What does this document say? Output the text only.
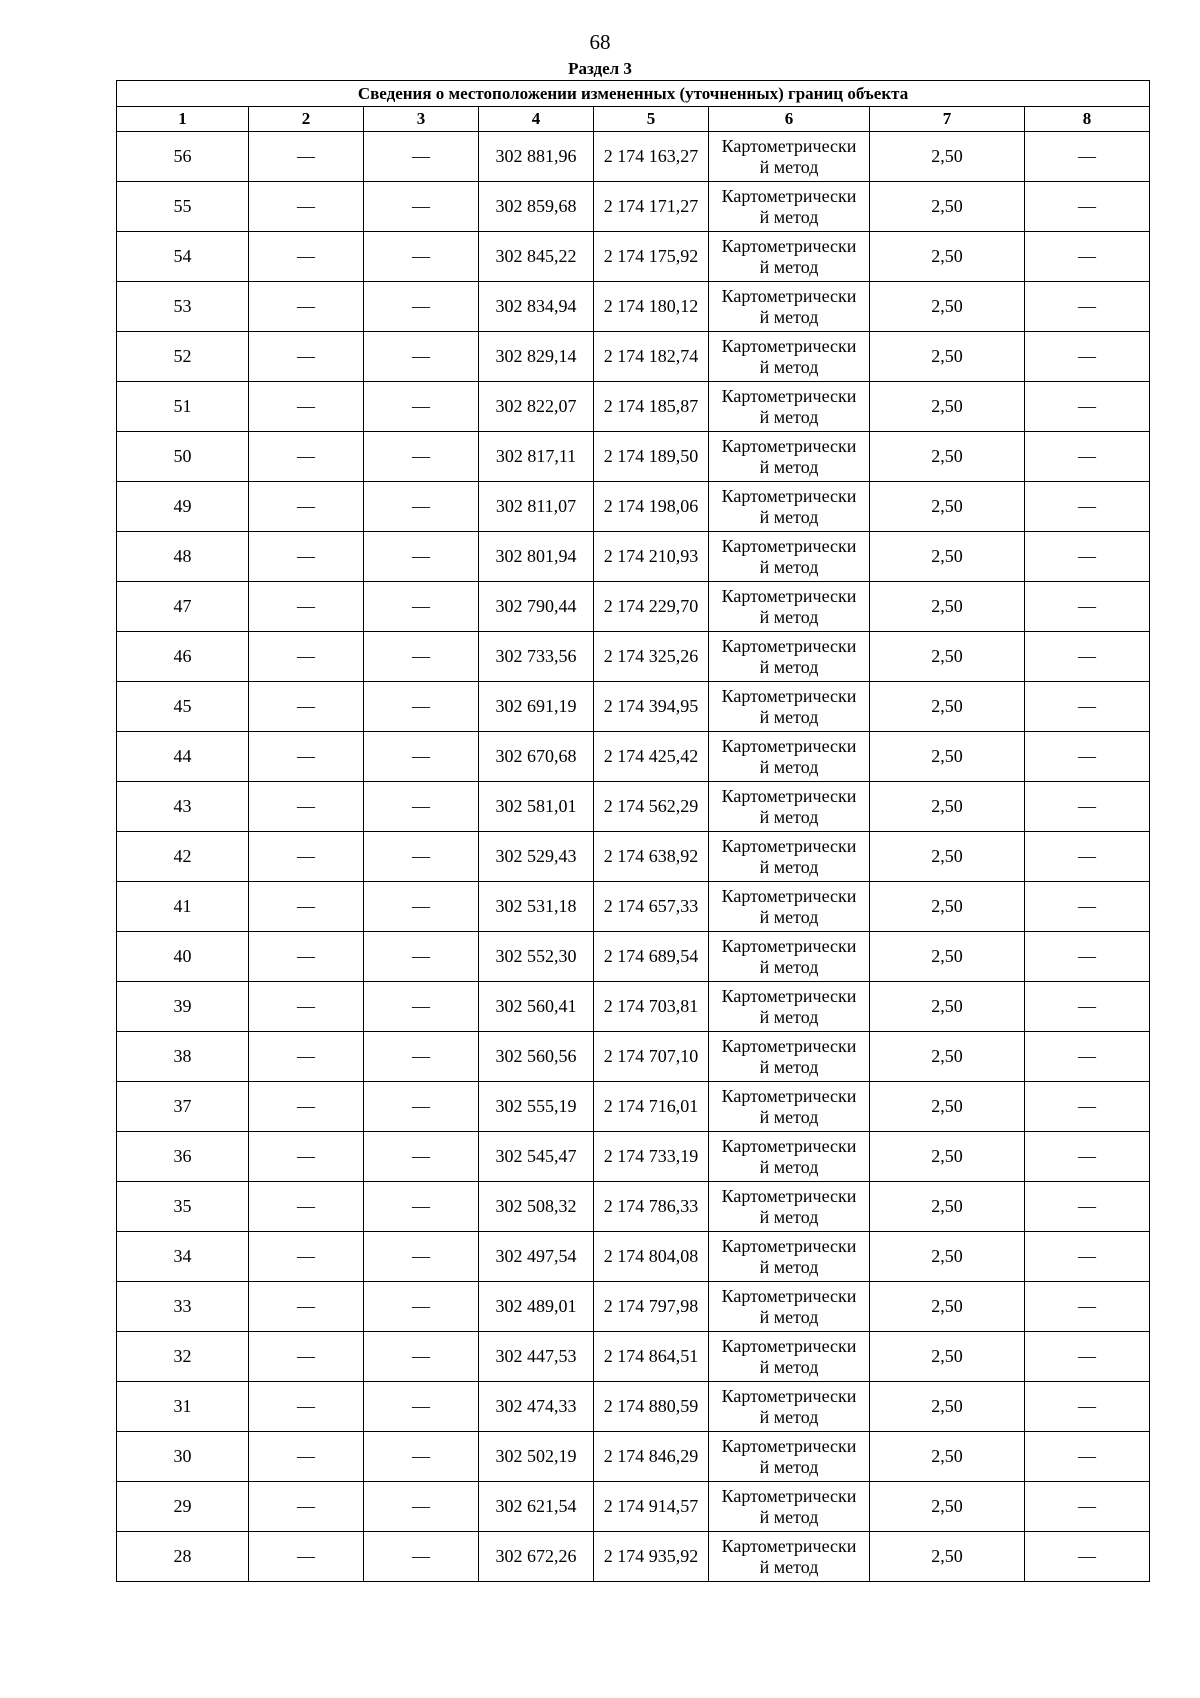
68
Раздел 3
Сведения о местоположении измененных (уточненных) границ объекта							
1	2	3	4	5	6	7	8
56	—	—	302 881,96	2 174 163,27	Картометрически
й метод	2,50	—
55	—	—	302 859,68	2 174 171,27	Картометрически
й метод	2,50	—
54	—	—	302 845,22	2 174 175,92	Картометрически
й метод	2,50	—
53	—	—	302 834,94	2 174 180,12	Картометрически
й метод	2,50	—
52	—	—	302 829,14	2 174 182,74	Картометрически
й метод	2,50	—
51	—	—	302 822,07	2 174 185,87	Картометрически
й метод	2,50	—
50	—	—	302 817,11	2 174 189,50	Картометрически
й метод	2,50	—
49	—	—	302 811,07	2 174 198,06	Картометрически
й метод	2,50	—
48	—	—	302 801,94	2 174 210,93	Картометрически
й метод	2,50	—
47	—	—	302 790,44	2 174 229,70	Картометрически
й метод	2,50	—
46	—	—	302 733,56	2 174 325,26	Картометрически
й метод	2,50	—
45	—	—	302 691,19	2 174 394,95	Картометрически
й метод	2,50	—
44	—	—	302 670,68	2 174 425,42	Картометрически
й метод	2,50	—
43	—	—	302 581,01	2 174 562,29	Картометрически
й метод	2,50	—
42	—	—	302 529,43	2 174 638,92	Картометрически
й метод	2,50	—
41	—	—	302 531,18	2 174 657,33	Картометрически
й метод	2,50	—
40	—	—	302 552,30	2 174 689,54	Картометрически
й метод	2,50	—
39	—	—	302 560,41	2 174 703,81	Картометрически
й метод	2,50	—
38	—	—	302 560,56	2 174 707,10	Картометрически
й метод	2,50	—
37	—	—	302 555,19	2 174 716,01	Картометрически
й метод	2,50	—
36	—	—	302 545,47	2 174 733,19	Картометрически
й метод	2,50	—
35	—	—	302 508,32	2 174 786,33	Картометрически
й метод	2,50	—
34	—	—	302 497,54	2 174 804,08	Картометрически
й метод	2,50	—
33	—	—	302 489,01	2 174 797,98	Картометрически
й метод	2,50	—
32	—	—	302 447,53	2 174 864,51	Картометрически
й метод	2,50	—
31	—	—	302 474,33	2 174 880,59	Картометрически
й метод	2,50	—
30	—	—	302 502,19	2 174 846,29	Картометрически
й метод	2,50	—
29	—	—	302 621,54	2 174 914,57	Картометрически
й метод	2,50	—
28	—	—	302 672,26	2 174 935,92	Картометрически
й метод	2,50	—
